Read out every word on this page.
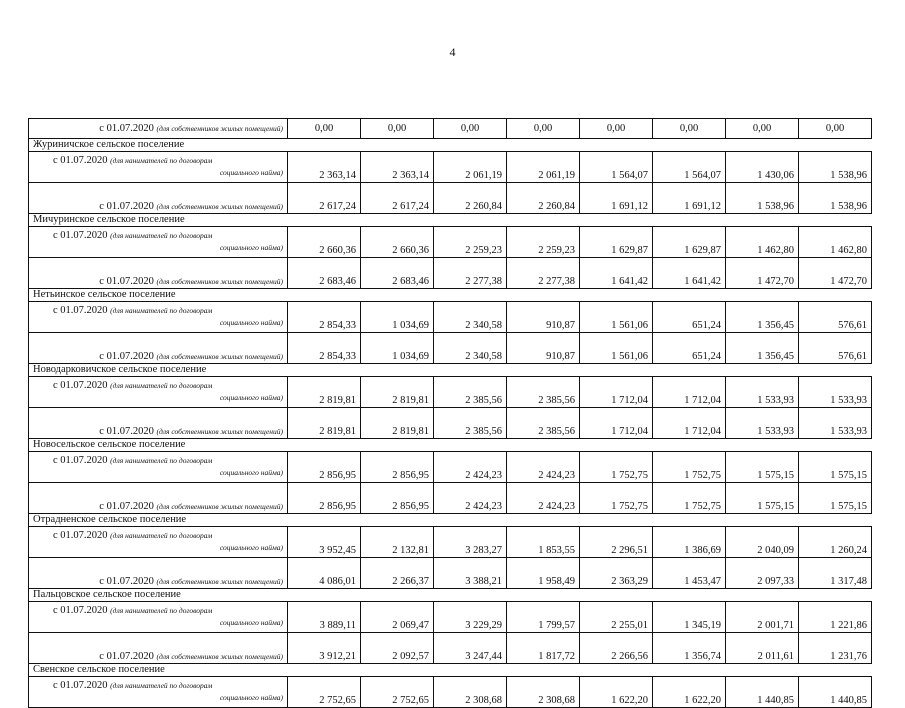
4
с 01.07.2020 (для собственников жилых помещений)	0,00	0,00	0,00	0,00	0,00	0,00	0,00	0,00
Журиничское сельское поселение								

с 01.07.2020 (для нанимателей по договорам
социального найма)	2 363,14	2 363,14	2 061,19	2 061,19	1 564,07	1 564,07	1 430,06	1 538,96
с 01.07.2020 (для собственников жилых помещений)	2 617,24	2 617,24	2 260,84	2 260,84	1 691,12	1 691,12	1 538,96	1 538,96
Мичуринское сельское поселение								

с 01.07.2020 (для нанимателей по договорам
социального найма)	2 660,36	2 660,36	2 259,23	2 259,23	1 629,87	1 629,87	1 462,80	1 462,80
с 01.07.2020 (для собственников жилых помещений)	2 683,46	2 683,46	2 277,38	2 277,38	1 641,42	1 641,42	1 472,70	1 472,70
Нетьинское сельское поселение								

с 01.07.2020 (для нанимателей по договорам
социального найма)	2 854,33	1 034,69	2 340,58	910,87	1 561,06	651,24	1 356,45	576,61
с 01.07.2020 (для собственников жилых помещений)	2 854,33	1 034,69	2 340,58	910,87	1 561,06	651,24	1 356,45	576,61
Новодарковичское сельское поселение								

с 01.07.2020 (для нанимателей по договорам
социального найма)	2 819,81	2 819,81	2 385,56	2 385,56	1 712,04	1 712,04	1 533,93	1 533,93
с 01.07.2020 (для собственников жилых помещений)	2 819,81	2 819,81	2 385,56	2 385,56	1 712,04	1 712,04	1 533,93	1 533,93
Новосельское сельское поселение								

с 01.07.2020 (для нанимателей по договорам
социального найма)	2 856,95	2 856,95	2 424,23	2 424,23	1 752,75	1 752,75	1 575,15	1 575,15
с 01.07.2020 (для собственников жилых помещений)	2 856,95	2 856,95	2 424,23	2 424,23	1 752,75	1 752,75	1 575,15	1 575,15
Отрадненское сельское поселение								

с 01.07.2020 (для нанимателей по договорам
социального найма)	3 952,45	2 132,81	3 283,27	1 853,55	2 296,51	1 386,69	2 040,09	1 260,24
с 01.07.2020 (для собственников жилых помещений)	4 086,01	2 266,37	3 388,21	1 958,49	2 363,29	1 453,47	2 097,33	1 317,48
Пальцовское сельское поселение								

с 01.07.2020 (для нанимателей по договорам
социального найма)	3 889,11	2 069,47	3 229,29	1 799,57	2 255,01	1 345,19	2 001,71	1 221,86
с 01.07.2020 (для собственников жилых помещений)	3 912,21	2 092,57	3 247,44	1 817,72	2 266,56	1 356,74	2 011,61	1 231,76
Свенское сельское поселение								

с 01.07.2020 (для нанимателей по договорам
социального найма)	2 752,65	2 752,65	2 308,68	2 308,68	1 622,20	1 622,20	1 440,85	1 440,85
